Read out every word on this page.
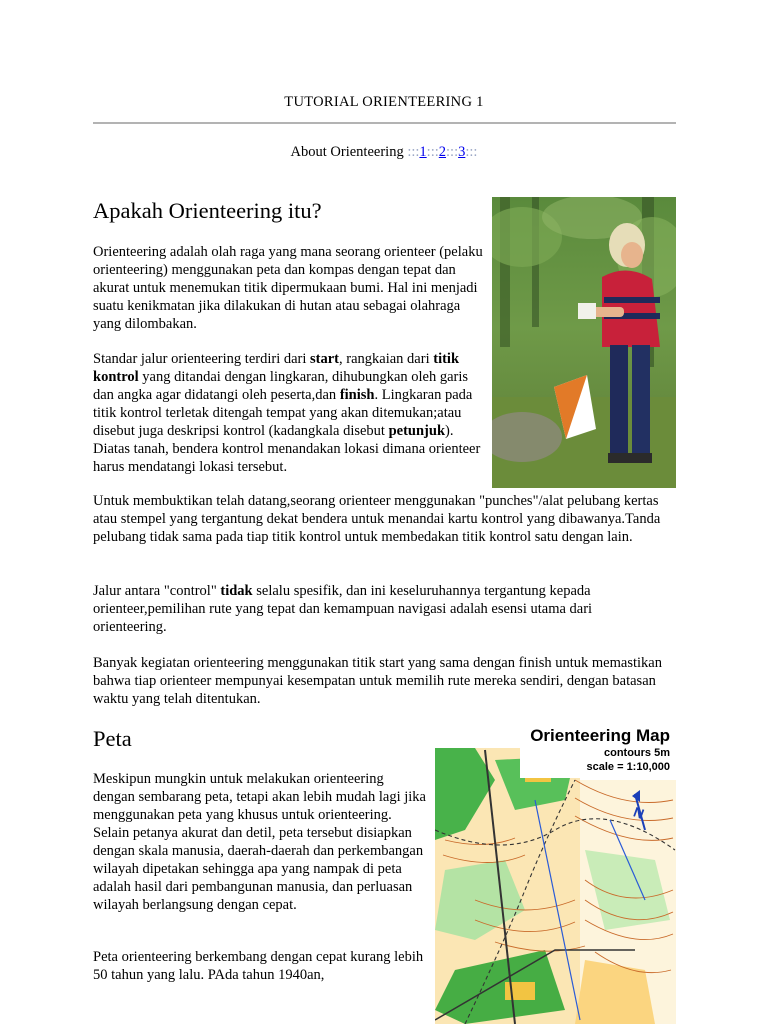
TUTORIAL ORIENTEERING 1
About Orienteering :::1:::2:::3:::
Apakah Orienteering itu?

Orienteering adalah olah raga yang mana seorang orienteer (pelaku orienteering) menggunakan peta dan kompas dengan tepat dan akurat untuk menemukan titik dipermukaan bumi. Hal ini menjadi suatu kenikmatan jika dilakukan di hutan atau sebagai olahraga yang dilombakan.

Standar jalur orienteering terdiri dari start, rangkaian dari titik kontrol yang ditandai dengan lingkaran, dihubungkan oleh garis dan angka agar didatangi oleh peserta,dan finish. Lingkaran pada titik kontrol terletak ditengah tempat yang akan ditemukan;atau disebut juga deskripsi kontrol (kadangkala disebut petunjuk). Diatas tanah, bendera kontrol menandakan lokasi dimana orienteer harus mendatangi lokasi tersebut.

Untuk membuktikan telah datang,seorang orienteer menggunakan "punches"/alat pelubang kertas atau stempel yang tergantung dekat bendera untuk menandai kartu kontrol yang dibawanya.Tanda pelubang tidak sama pada tiap titik kontrol untuk membedakan titik kontrol satu dengan lain.

Jalur antara "control" tidak selalu spesifik, dan ini keseluruhannya tergantung kepada orienteer,pemilihan rute yang tepat dan kemampuan navigasi adalah esensi utama dari orienteering.

Banyak kegiatan orienteering menggunakan titik start yang sama dengan finish untuk memastikan bahwa tiap orienteer mempunyai kesempatan untuk memilih rute mereka sendiri, dengan batasan waktu yang telah ditentukan.

Peta

Meskipun mungkin untuk melakukan orienteering dengan sembarang peta, tetapi akan lebih mudah lagi jika menggunakan peta yang khusus untuk orienteering. Selain petanya akurat dan detil, peta tersebut disiapkan dengan skala manusia, daerah-daerah dan perkembangan wilayah dipetakan sehingga apa yang nampak di peta adalah hasil dari pembangunan manusia, dan perluasan wilayah berlangsung dengan cepat.

Peta orienteering berkembang dengan cepat kurang lebih 50 tahun yang lalu. PAda tahun 1940an,

N
Orienteering Map
contours 5m
scale = 1:10,000
